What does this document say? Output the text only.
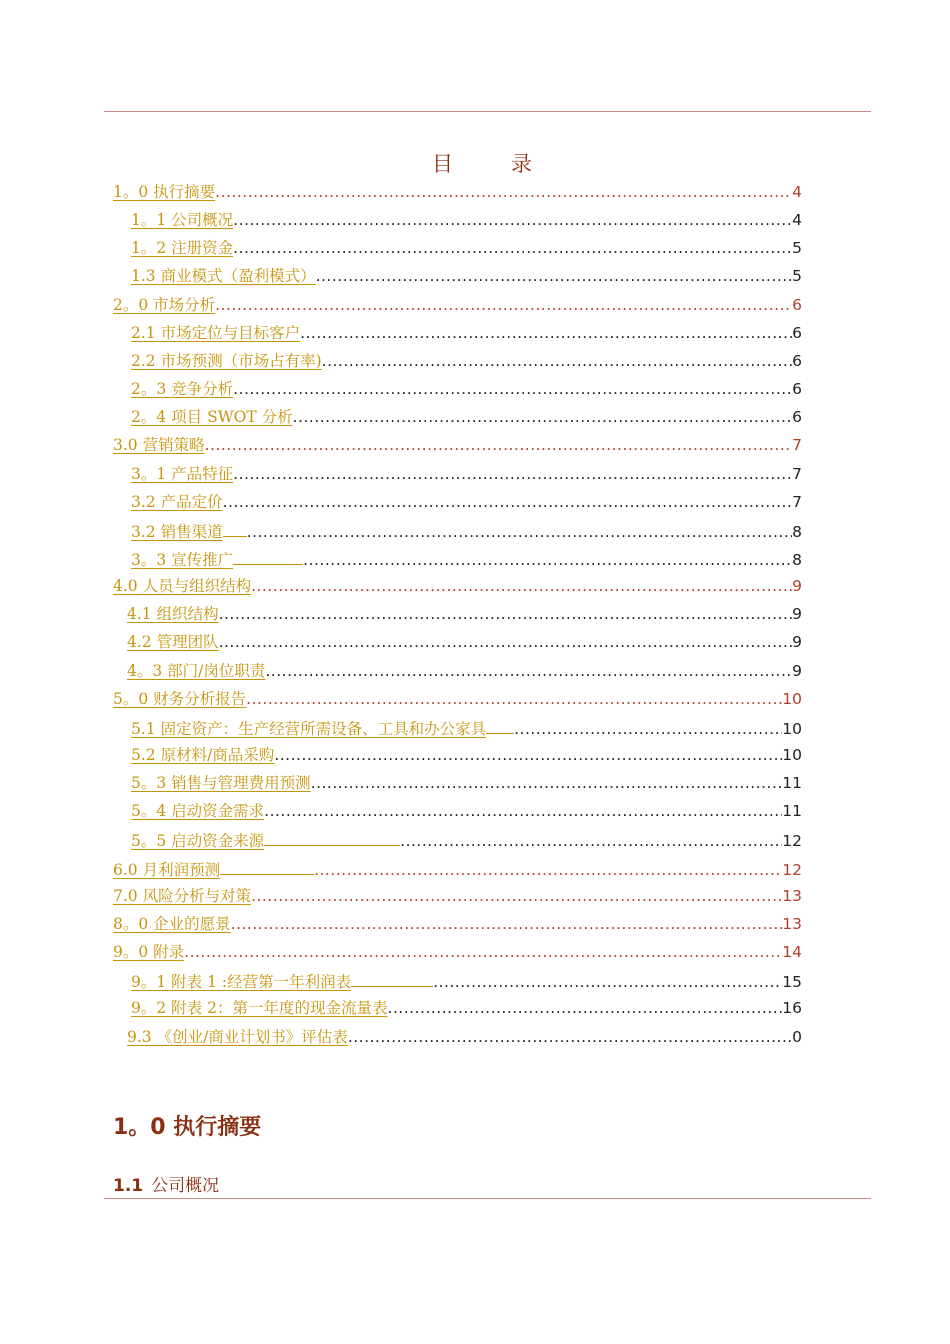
目	录
1。0 执行摘要 .....	4
1。1 公司概况 .....	4
1。2 注册资金 .....	5
1.3 商业模式（盈利模式） .....	5
2。0 市场分析 .....	6
2.1 市场定位与目标客户 .....	6
2.2 市场预测（市场占有率) .....	6
2。3 竞争分析 .....	6
2。4 项目 SWOT 分析 .....	6
3.0 营销策略 .....	7
3。1 产品特征 .....	7
3.2 产品定价 .....	7
3.2 销售渠道 .....	8
3。3 宣传推广 .....	8
4.0 人员与组织结构 .....	9
4.1 组织结构 .....	9
4.2 管理团队 .....	9
4。3 部门/岗位职责 .....	9
5。0 财务分析报告 .....	10
5.1 固定资产：生产经营所需设备、工具和办公家具 .....	10
5.2 原材料/商品采购 .....	10
5。3 销售与管理费用预测 .....	11
5。4 启动资金需求 .....	11
5。5 启动资金来源 .....	12
6.0 月利润预测 .....	12
7.0 风险分析与对策 .....	13
8。0 企业的愿景 .....	13
9。0 附录 .....	14
9。1 附表 1 :经营第一年利润表 .....	15
9。2 附表 2：第一年度的现金流量表 .....	16
9.3 《创业/商业计划书》评估表 .....	0
1。0 执行摘要
1.1 公司概况
